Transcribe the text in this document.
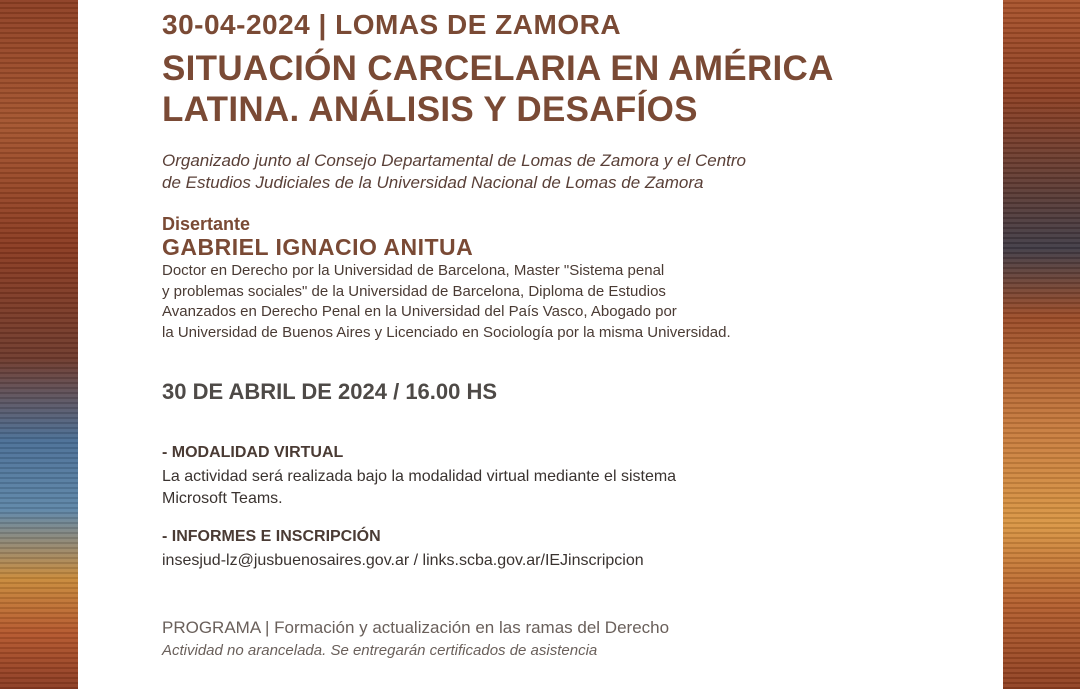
30-04-2024 | LOMAS DE ZAMORA
SITUACIÓN CARCELARIA EN AMÉRICA
LATINA. ANÁLISIS Y DESAFÍOS
Organizado junto al Consejo Departamental de Lomas de Zamora y el Centro
de Estudios Judiciales de la Universidad Nacional de Lomas de Zamora
Disertante
GABRIEL IGNACIO ANITUA
Doctor en Derecho por la Universidad de Barcelona, Master "Sistema penal
y problemas sociales" de la Universidad de Barcelona, Diploma de Estudios
Avanzados en Derecho Penal en la Universidad del País Vasco, Abogado por
la Universidad de Buenos Aires y Licenciado en Sociología por la misma Universidad.
30 DE ABRIL DE 2024 / 16.00 HS
- MODALIDAD VIRTUAL
La actividad será realizada bajo la modalidad virtual mediante el sistema
Microsoft Teams.
- INFORMES E INSCRIPCIÓN
insesjud-lz@jusbuenosaires.gov.ar / links.scba.gov.ar/IEJinscripcion
PROGRAMA | Formación y actualización en las ramas del Derecho
Actividad no arancelada. Se entregarán certificados de asistencia
